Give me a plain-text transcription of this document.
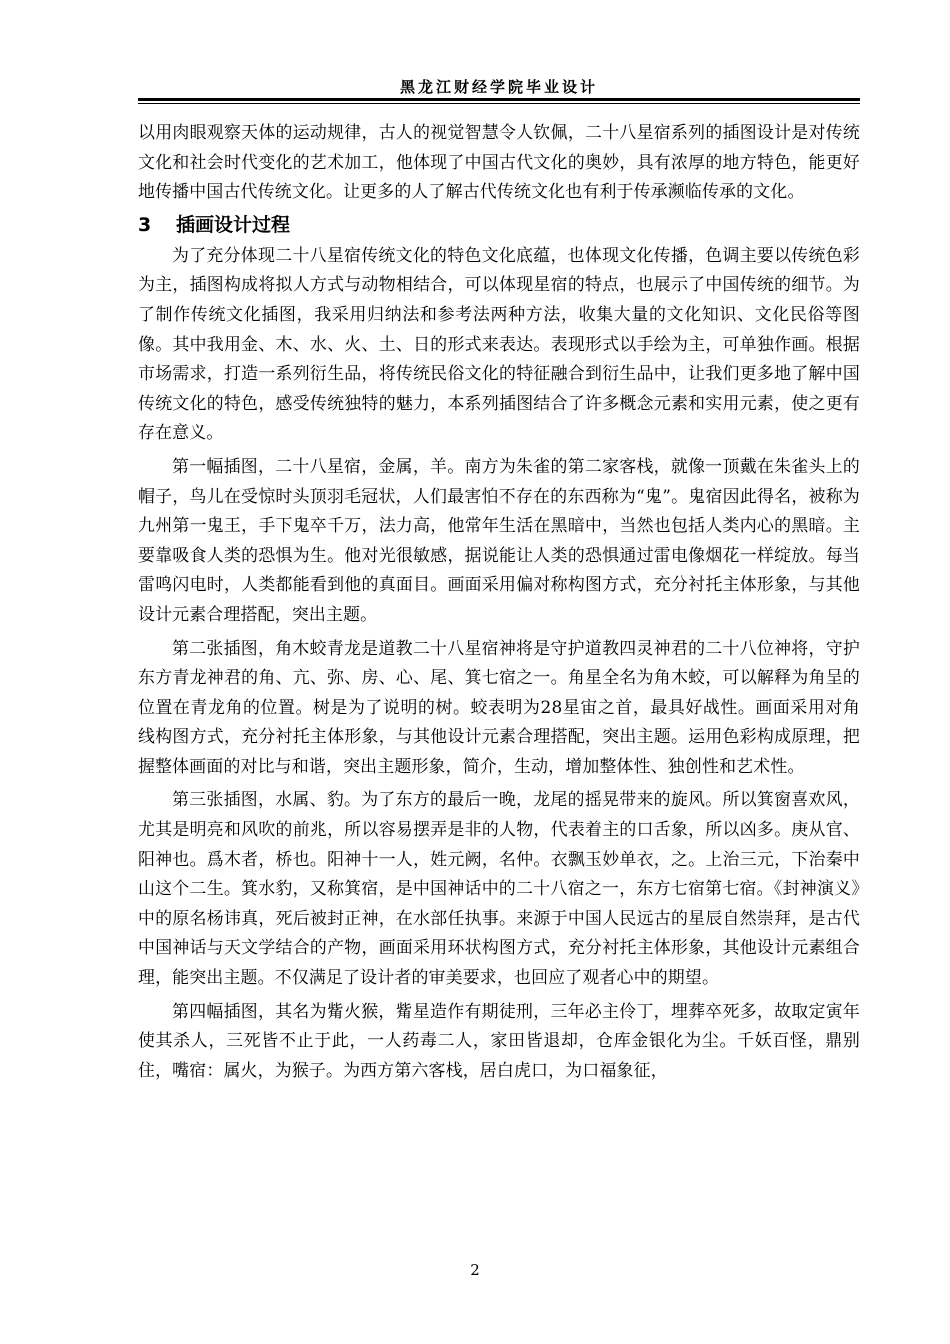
黑龙江财经学院毕业设计

以用肉眼观察天体的运动规律，古人的视觉智慧令人钦佩，二十八星宿系列的插图设计是对传统文化和社会时代变化的艺术加工，他体现了中国古代文化的奥妙，具有浓厚的地方特色，能更好地传播中国古代传统文化。让更多的人了解古代传统文化也有利于传承濒临传承的文化。

3 插画设计过程

为了充分体现二十八星宿传统文化的特色文化底蕴，也体现文化传播，色调主要以传统色彩为主，插图构成将拟人方式与动物相结合，可以体现星宿的特点，也展示了中国传统的细节。为了制作传统文化插图，我采用归纳法和参考法两种方法，收集大量的文化知识、文化民俗等图像。其中我用金、木、水、火、土、日的形式来表达。表现形式以手绘为主，可单独作画。根据市场需求，打造一系列衍生品，将传统民俗文化的特征融合到衍生品中，让我们更多地了解中国传统文化的特色，感受传统独特的魅力，本系列插图结合了许多概念元素和实用元素，使之更有存在意义。

第一幅插图，二十八星宿，金属，羊。南方为朱雀的第二家客栈，就像一顶戴在朱雀头上的帽子，鸟儿在受惊时头顶羽毛冠状，人们最害怕不存在的东西称为“鬼”。鬼宿因此得名，被称为九州第一鬼王，手下鬼卒千万，法力高，他常年生活在黑暗中，当然也包括人类内心的黑暗。主要靠吸食人类的恐惧为生。他对光很敏感，据说能让人类的恐惧通过雷电像烟花一样绽放。每当雷鸣闪电时，人类都能看到他的真面目。画面采用偏对称构图方式，充分衬托主体形象，与其他设计元素合理搭配，突出主题。

第二张插图，角木蛟青龙是道教二十八星宿神将是守护道教四灵神君的二十八位神将，守护东方青龙神君的角、亢、弥、房、心、尾、箕七宿之一。角星全名为角木蛟，可以解释为角呈的位置在青龙角的位置。树是为了说明的树。蛟表明为28星宙之首，最具好战性。画面采用对角线构图方式，充分衬托主体形象，与其他设计元素合理搭配，突出主题。运用色彩构成原理，把握整体画面的对比与和谐，突出主题形象，简介，生动，增加整体性、独创性和艺术性。

第三张插图，水属、豹。为了东方的最后一晚，龙尾的摇晃带来的旋风。所以箕窗喜欢风，尤其是明亮和风吹的前兆，所以容易摆弄是非的人物，代表着主的口舌象，所以凶多。庚从官、阳神也。爲木者，桥也。阳神十一人，姓元阙，名仲。衣飘玉妙单衣，之。上治三元，下治秦中山这个二生。箕水豹，又称箕宿，是中国神话中的二十八宿之一，东方七宿第七宿。《封神演义》中的原名杨讳真，死后被封正神，在水部任执事。来源于中国人民远古的星辰自然崇拜，是古代中国神话与天文学结合的产物，画面采用环状构图方式，充分衬托主体形象，其他设计元素组合理，能突出主题。不仅满足了设计者的审美要求，也回应了观者心中的期望。

第四幅插图，其名为觜火猴，觜星造作有期徒刑，三年必主伶丁，埋葬卒死多，故取定寅年使其杀人，三死皆不止于此，一人药毒二人，家田皆退却，仓库金银化为尘。千妖百怪，鼎别住，嘴宿：属火，为猴子。为西方第六客栈，居白虎口，为口福象征，

2
